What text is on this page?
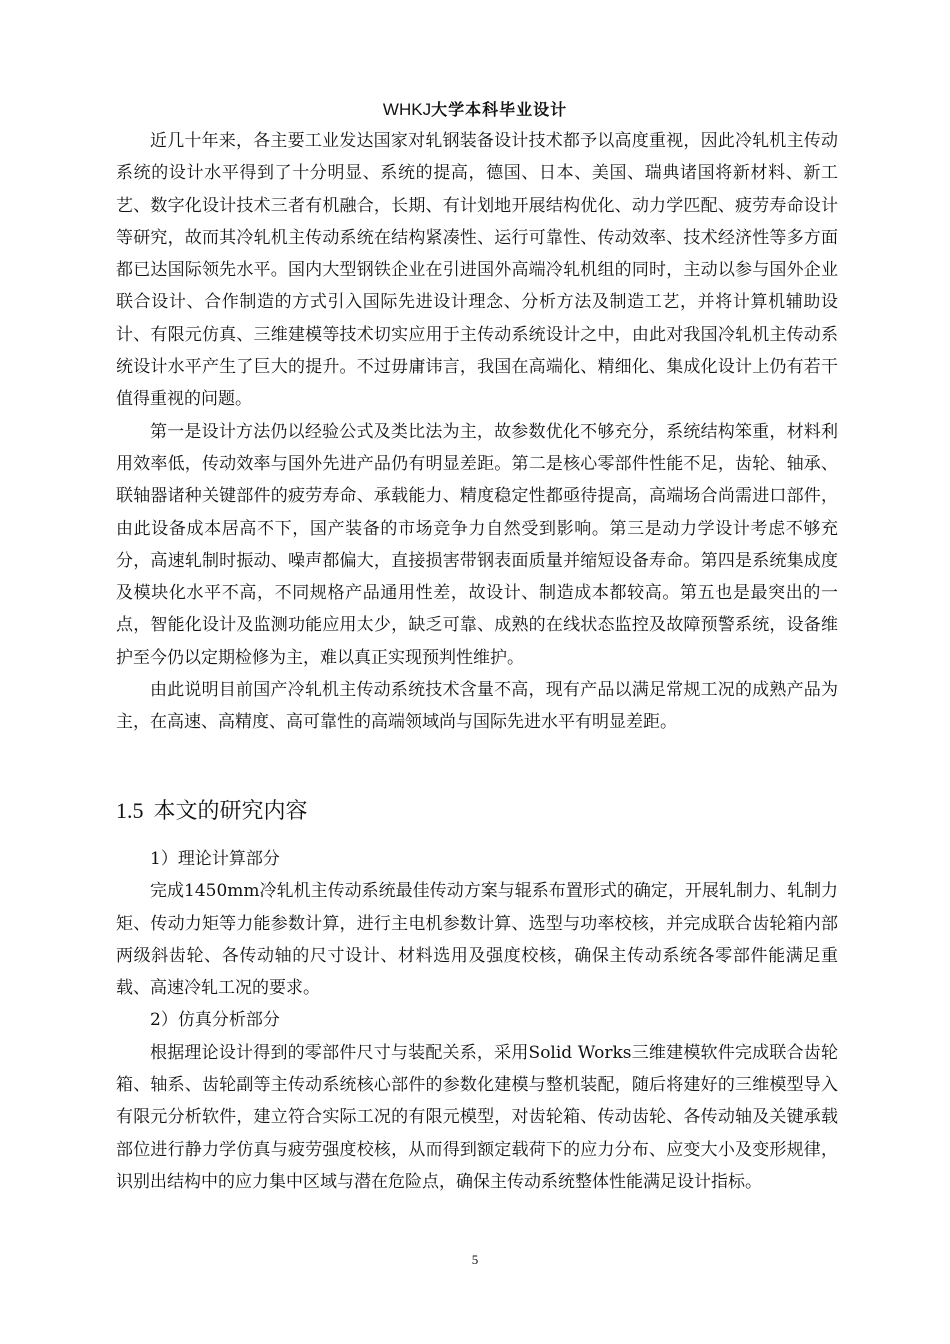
WHKJ大学本科毕业设计

近几十年来，各主要工业发达国家对轧钢装备设计技术都予以高度重视，因此冷轧机主传动系统的设计水平得到了十分明显、系统的提高，德国、日本、美国、瑞典诸国将新材料、新工艺、数字化设计技术三者有机融合，长期、有计划地开展结构优化、动力学匹配、疲劳寿命设计等研究，故而其冷轧机主传动系统在结构紧凑性、运行可靠性、传动效率、技术经济性等多方面都已达国际领先水平。国内大型钢铁企业在引进国外高端冷轧机组的同时，主动以参与国外企业联合设计、合作制造的方式引入国际先进设计理念、分析方法及制造工艺，并将计算机辅助设计、有限元仿真、三维建模等技术切实应用于主传动系统设计之中，由此对我国冷轧机主传动系统设计水平产生了巨大的提升。不过毋庸讳言，我国在高端化、精细化、集成化设计上仍有若干值得重视的问题。

第一是设计方法仍以经验公式及类比法为主，故参数优化不够充分，系统结构笨重，材料利用效率低，传动效率与国外先进产品仍有明显差距。第二是核心零部件性能不足，齿轮、轴承、联轴器诸种关键部件的疲劳寿命、承载能力、精度稳定性都亟待提高，高端场合尚需进口部件，由此设备成本居高不下，国产装备的市场竞争力自然受到影响。第三是动力学设计考虑不够充分，高速轧制时振动、噪声都偏大，直接损害带钢表面质量并缩短设备寿命。第四是系统集成度及模块化水平不高，不同规格产品通用性差，故设计、制造成本都较高。第五也是最突出的一点，智能化设计及监测功能应用太少，缺乏可靠、成熟的在线状态监控及故障预警系统，设备维护至今仍以定期检修为主，难以真正实现预判性维护。

由此说明目前国产冷轧机主传动系统技术含量不高，现有产品以满足常规工况的成熟产品为主，在高速、高精度、高可靠性的高端领域尚与国际先进水平有明显差距。

1.5 本文的研究内容

1）理论计算部分

完成1450mm冷轧机主传动系统最佳传动方案与辊系布置形式的确定，开展轧制力、轧制力矩、传动力矩等力能参数计算，进行主电机参数计算、选型与功率校核，并完成联合齿轮箱内部两级斜齿轮、各传动轴的尺寸设计、材料选用及强度校核，确保主传动系统各零部件能满足重载、高速冷轧工况的要求。

2）仿真分析部分

根据理论设计得到的零部件尺寸与装配关系，采用Solid Works三维建模软件完成联合齿轮箱、轴系、齿轮副等主传动系统核心部件的参数化建模与整机装配，随后将建好的三维模型导入有限元分析软件，建立符合实际工况的有限元模型，对齿轮箱、传动齿轮、各传动轴及关键承载部位进行静力学仿真与疲劳强度校核，从而得到额定载荷下的应力分布、应变大小及变形规律，识别出结构中的应力集中区域与潜在危险点，确保主传动系统整体性能满足设计指标。

5
